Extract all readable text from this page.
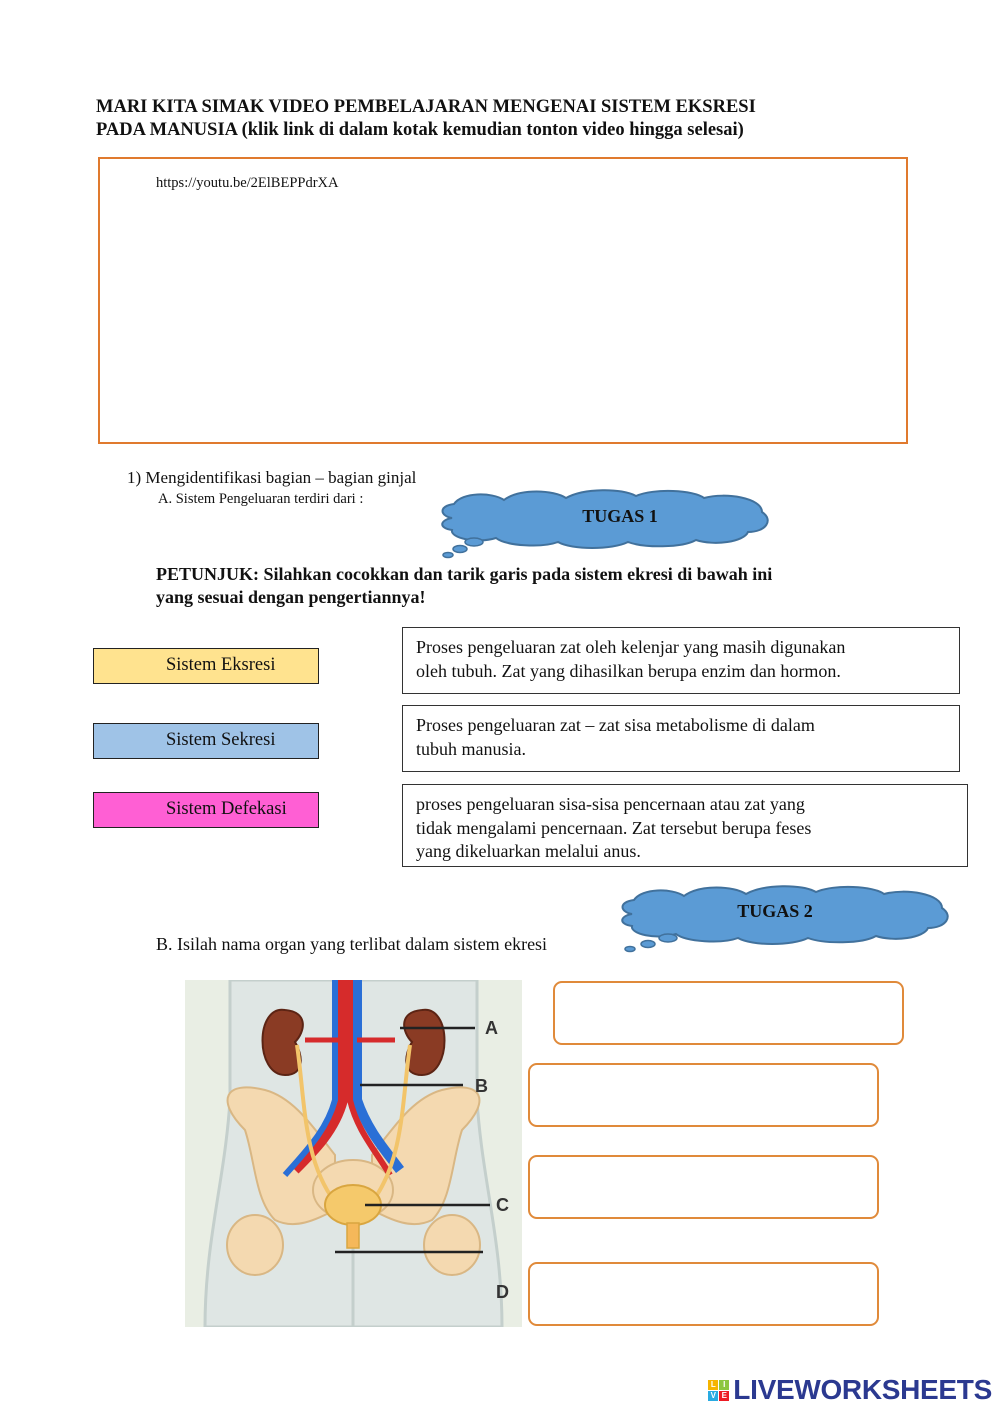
MARI KITA SIMAK VIDEO PEMBELAJARAN MENGENAI SISTEM EKSRESI
PADA MANUSIA (klik link di dalam kotak kemudian tonton video hingga selesai)
https://youtu.be/2ElBEPPdrXA
1) Mengidentifikasi bagian – bagian ginjal
A. Sistem Pengeluaran terdiri dari :
TUGAS 1
PETUNJUK: Silahkan cocokkan dan tarik garis pada sistem ekresi di bawah ini
yang sesuai dengan pengertiannya!
Sistem Eksresi
Sistem Sekresi
Sistem Defekasi
Proses pengeluaran zat oleh kelenjar yang masih digunakan
oleh tubuh. Zat yang dihasilkan berupa enzim dan hormon.
Proses pengeluaran zat – zat sisa metabolisme di dalam
tubuh manusia.
proses pengeluaran sisa-sisa pencernaan atau zat yang
tidak mengalami pencernaan. Zat tersebut berupa feses
yang dikeluarkan melalui anus.
TUGAS 2
B. Isilah nama organ yang terlibat dalam sistem ekresi
A
B
C
D
L I
V E LIVEWORKSHEETS
